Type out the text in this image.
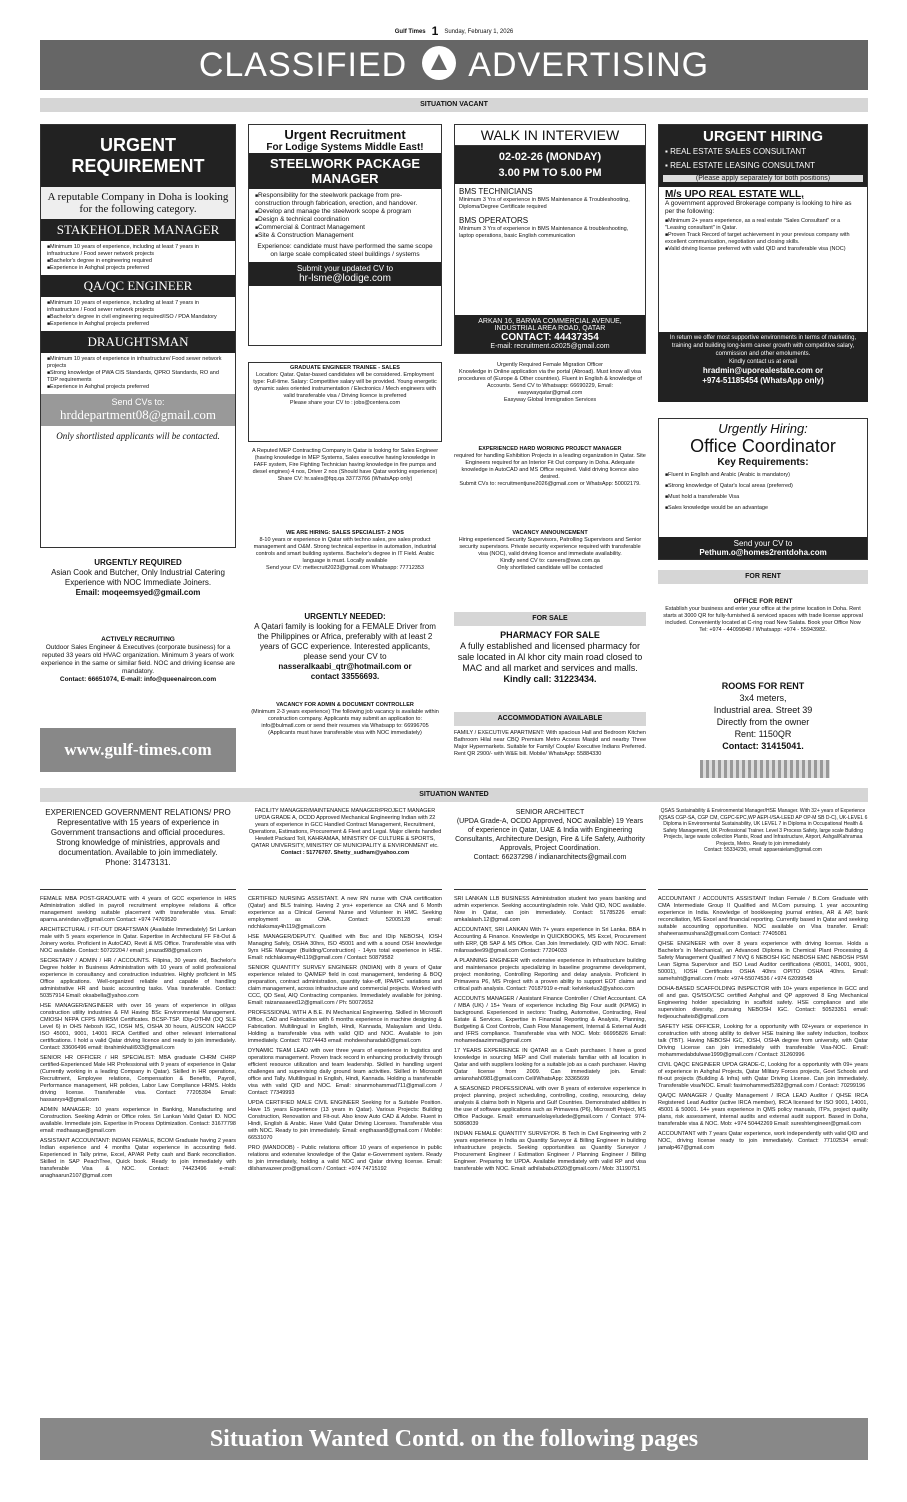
Gulf Times 1 Sunday, February 1, 2026
CLASSIFIED ADVERTISING
SITUATION VACANT
URGENT REQUIREMENT
A reputable Company in Doha is looking for the following category.
STAKEHOLDER MANAGER
■ Minimum 10 years of experience, including at least 7 years in infrastructure / Food sewer network projects
■ Bachelor's degree in engineering required
■ Experience in Ashghal projects preferred
QA/QC ENGINEER
■ Minimum 10 years of experience, including at least 7 years in infrastructure / Food sewer network projects
■ Bachelor's degree in civil engineering required/ISO / PDA Mandatory
■ Experience in Ashghal projects preferred
DRAUGHTSMAN
■ Minimum 10 years of experience in infrastructure/ Food sewer network projects
■ Strong knowledge of PWA CIS Standards, QPRO Standards, RO and TDP requirements
■ Experience in Ashghal projects preferred
Send CVs to:
hrddepartment08@gmail.com
Only shortlisted applicants will be contacted.
URGENTLY REQUIRED
Asian Cook and Butcher, Only Industrial Catering Experience with NOC Immediate Joiners.
Email: moqeemsyed@gmail.com
ACTIVELY RECRUITING
Outdoor Sales Engineer & Executives (corporate business) for a reputed 33 years old HVAC organization. Minimum 3 years of work experience in the same or similar field. NOC and driving license are mandatory.
Contact: 66651074, E-mail: info@queenaircon.com
www.gulf-times.com
Urgent Recruitment
For Lodige Systems Middle East!
STEELWORK PACKAGE MANAGER
■ Responsibility for the steelwork package from pre-construction through fabrication, erection, and handover.
■ Develop and manage the steelwork scope & program
■ Design & technical coordination
■ Commercial & Contract Management
■ Site & Construction Management
Experience: candidate must have performed the same scope on large scale complicated steel buildings / systems
Submit your updated CV to
hr-lsme@lodige.com
GRADUATE ENGINEER TRAINEE - SALES
Location: Qatar. Qatar-based candidates will be considered. Employment type: Full-time. Salary: Competitive salary will be provided. Young energetic dynamic sales oriented instrumentation / Electronics / Mech engineers with valid transferable visa / Driving licence is preferred
Please share your CV to : jobs@centera.com
A Reputed MEP Contracting Company in Qatar is looking for Sales Engineer (having knowledge in MEP Systems, Sales executive having knowledge in FAFF system, Fire Fighting Technician having knowledge in fire pumps and diesel engines) 4 nos, Driver 2 nos (Should have Qatar working experience)
Share CV: hr.sales@fqq.qa 33773766 (WhatsApp only)
WE ARE HIRING: SALES SPECIALIST- 2 NOS
8-10 years or experience in Qatar with techno sales, pre sales product management and O&M. Strong technical expertise in automation, industrial controls and smart building systems. Bachelor's degree in IT Field. Arabic language is must. Locally available
Send your CV: mettecruit2023@gmail.com Whatsapp: 77712353
URGENTLY NEEDED:
A Qatari family is looking for a FEMALE Driver from the Philippines or Africa, preferably with at least 2 years of GCC experience. Interested applicants, please send your CV to
nasseralkaabi_qtr@hotmail.com or
contact 33556693.
VACANCY FOR ADMIN & DOCUMENT CONTROLLER
(Minimum 2-3 years experience) The following job vacancy is available within construction company. Applicants may submit an application to: info@bulmatl.com or send their resumes via Whatsapp to: 66996705 (Applicants must have transferable visa with NOC immediately)
WALK IN INTERVIEW
02-02-26 (MONDAY)
3.00 PM TO 5.00 PM
BMS TECHNICIANS
Minimum 3 Yrs of experience in BMS Maintenance & Troubleshooting, Diploma/Degree Certificate required
BMS OPERATORS
Minimum 3 Yrs of experience in BMS Maintenance & troubleshooting, laptop operations, basic English communication
ARKAN 16, BARWA COMMERCIAL AVENUE, INDUSTRIAL AREA ROAD, QATAR
CONTACT: 44437354
E-mail: recruitment.o2025@gmail.com
Urgently Required Female Migration Officer
Knowledge in Online application via the portal (Abroad). Must know all visa procedures of (Europe & Other countries). Fluent in English & knowledge of Accounts. Send CV to Whatsapp: 66690229, Email: easywayqatar@gmail.com
Easyway Global Immigration Services
EXPERIENCED HARD WORKING PROJECT MANAGER
required for handling Exhibition Projects in a leading organization in Qatar. Site Engineers required for an Interior Fit Out company in Doha. Adequate knowledge in AutoCAD and MS Office required. Valid driving licence also desired.
Submit CVs to: recruitmentjune2026@gmail.com or WhatsApp: 50002179.
VACANCY ANNOUNCEMENT
Hiring experienced Security Supervisors, Patrolling Supervisors and Senior security supervisors. Private security experience required with transferable visa (NOC), valid driving licence and immediate availability.
Kindly send CV to: careers@sws.com.qa
Only shortlisted candidate will be contacted
FOR SALE
PHARMACY FOR SALE
A fully established and licensed pharmacy for sale located in Al khor city main road closed to MAC and all market and services and malls.
Kindly call: 31223434.
ACCOMMODATION AVAILABLE
FAMILY / EXECUTIVE APARTMENT: With spacious Hall and Bedroom Kitchen Bathroom Hilal near CBQ Premium Metro Access Masjid and nearby Three Major Hypermarkets. Suitable for Family/ Couple/ Executive Indians Preferred. Rent QR 2900/- with W&E bill. Mobile/ WhatsApp: 55884330
URGENT HIRING
▪ REAL ESTATE SALES CONSULTANT
▪ REAL ESTATE LEASING CONSULTANT
(Please apply separately for both positions)
M/s UPO REAL ESTATE WLL,
A government approved Brokerage company is looking to hire as per the following:
■ Minimum 2+ years experience, as a real estate "Sales Consultant" or a "Leasing consultant" in Qatar.
■ Proven Track Record of target achievement in your previous company with excellent communication, negotiation and closing skills.
■ Valid driving license preferred with valid QID and transferable visa (NOC)
In return we offer most supportive environments in terms of marketing, training and building long-term career growth with competitive salary, commission and other emoluments.
Kindly contact us at email
hradmin@uporealestate.com or
+974-51185454 (WhatsApp only)
Urgently Hiring:
Office Coordinator
Key Requirements:
■ Fluent in English and Arabic (Arabic is mandatory)
■ Strong knowledge of Qatar's local areas (preferred)
■ Must hold a transferable Visa
■ Sales knowledge would be an advantage
Send your CV to
Pethum.o@homes2rentdoha.com
FOR RENT
OFFICE FOR RENT
Establish your business and enter your office at the prime location in Doha. Rent starts at 3000 QR for fully-furnished & serviced spaces with trade license approval included. Conveniently located at C-ring road New Salata. Book your Office Now
Tel: +974 - 44099848 / Whatsapp: +974 - 55943982.
ROOMS FOR RENT
3x4 meters,
Industrial area. Street 39
Directly from the owner
Rent: 1150QR
Contact: 31415041.
SITUATION WANTED
EXPERIENCED GOVERNMENT RELATIONS/ PRO Representative with 15 years of experience in Government transactions and official procedures. Strong knowledge of ministries, approvals and documentation. Available to join immediately.
Phone: 31473131.
FACILITY MANAGER/MAINTENANCE MANAGER/PROJECT MANAGER UPDA GRADE A, OCDD Approved Mechanical Engineering Indian with 22 years of experience in GCC Handled Contract Management, Recruitment, Operations, Estimations, Procurement & Fleet and Legal. Major clients handled Hewlett Packard Toll, KAHRAMAA, MINISTRY OF CULTURE & SPORTS, QATAR UNIVERSITY, MINISTRY OF MUNICIPALITY & ENVIRONMENT etc.
Contact : 51776707. Shetty_sudham@yahoo.com
SENIOR ARCHITECT
(UPDA Grade-A, OCDD Approved, NOC available) 19 Years of experience in Qatar, UAE & India with Engineering Consultants, Architecture Design, Fire & Life Safety, Authority Approvals, Project Coordination.
Contact: 66237298 / indianarchitects@gmail.com
QSAS Sustainability & Environmental Manager/HSE Manager. With 32+ years of Experience (QSAS CGP-SA, CGP CM, CGPC-EPC,WP AEPI-I/SA-LEED AP OP-M SB D-C), UK-LEVEL 6 Diploma in Environmental Sustainability, UK LEVEL 7 in Diploma in Occupational Health & Safety Management, UK Professional Trainer. Level 3 Process Safety, large scale Building Projects, large waste collection Plants, Road and Infrastructure, Airport, Ashgal/Kahramaa Projects, Metro. Ready to join immediately
Contact: 55334230, email: appaeraielam@gmail.com

FEMALE MBA POST-GRADUATE with 4 years of GCC experience in HRS Administration skilled in payroll recruitment employee relations & office management seeking suitable placement with transferable visa. Email: aparna.arvindan.v@gmail.com Contact: +974 74769520

ARCHITECTURAL / FIT-OUT DRAFTSMAN (Available Immediately) Sri Lankan male with 5 years experience in Qatar. Expertise in Architectural FF Fit-Out & Joinery works. Proficient in AutoCAD, Revit & MS Office. Transferable visa with NOC available. Contact: 50722204 / email: j.mazad98@gmail.com

SECRETARY / ADMIN / HR / ACCOUNTS. Filipina, 30 years old, Bachelor's Degree holder in Business Administration with 10 years of solid professional experience in consultancy and construction industries. Highly proficient in MS Office applications. Well-organized reliable and capable of handling administrative HR and basic accounting tasks. Visa transferable. Contact: 50357914 Email: oksabella@yahoo.com

HSE MANAGER/ENGINEER with over 16 years of experience in oil/gas construction utility industries & FM Having BSc Environmental Management. CMIOSH NFPA CFPS MIIRSM Certificates. BCSP-TSP. IDip-OTHM (DQ SLE Level 6) in OHS Nebosh IGC, IOSH MS, OSHA 30 hours, AUSCON HACCP ISO 45001, 9001, 14001 IRCA Certified and other relevant international certifications. I hold a valid Qatar driving licence and ready to join immediately. Contact: 33606496 email: ibrahimkhalil933@gmail.com

SENIOR HR OFFICER / HR SPECIALIST: MBA graduate CHRM CHRP certified-Experienced Male HR Professional with 9 years of experience in Qatar (Currently working in a leading Company in Qatar). Skilled in HR operations, Recruitment, Employee relations, Compensation & Benefits, Payroll, Performance management, HR policies, Labor Law Compliance HRMS. Holds driving license. Transferable visa. Contact: 77205394 Email: hassanrys4@gmail.com

ADMIN MANAGER: 10 years experience in Banking, Manufacturing and Construction. Seeking Admin or Office roles. Sri Lankan Valid Qatari ID. NOC available. Immediate join. Expertise in Process Optimization. Contact: 31677798 email: msdhaaque@gmail.com

ASSISTANT ACCOUNTANT: INDIAN FEMALE, BCOM Graduate having 2 years Indian experience and 4 months Qatar experience in accounting field. Experienced in Tally prime, Excel, AP/AR Petty cash and Bank reconciliation. Skilled in SAP PeachTree, Quick book. Ready to join immediately with transferable Visa & NOC. Contact: 74423496 e-mail: anaghaarun2107@gmail.com

CERTIFIED NURSING ASSISTANT. A new RN nurse with CNA certification (Qatar) and BLS training. Having 2 yrs+ experience as CNA and 6 Month experience as a Clinical General Nurse and Volunteer in HMC. Seeking employment as CNA. Contact: 52005128 email: ndchlaksmay4h119@gmail.com

HSE MANAGER/DEPUTY. Qualified with Bsc and IDip NEBOSH, IOSH Managing Safely, OSHA 30hrs, ISO 45001 and with a sound OSH knowledge 9yrs HSE Manager (Building/Construction) - 14yrs total experience in HSE. Email: ndchlaksmay4h119@gmail.com / Contact: 50879582

SENIOR QUANTITY SURVEY ENGINEER (INDIAN) with 8 years of Qatar experience related to QA/MEP field in cost management, tendering & BOQ preparation, contract administration, quantity take-off, IPA/IPC variations and claim management, across infrastructure and commercial projects. Worked with CCC, QD Seal, AIQ Contracting companies. Immediately available for joining. Email: raizanasaeed12@gmail.com / Ph: 50072652

PROFESSIONAL WITH A B.E. IN Mechanical Engineering. Skilled in Microsoft Office, CAD and Fabrication with 6 months experience in machine designing & Fabrication. Multilingual in English, Hindi, Kannada, Malayalam and Urdu. Holding a transferable visa with valid QID and NOC. Available to join immediately. Contact: 70274443 email: mohdeesharadab0@gmail.com

DYNAMIC TEAM LEAD with over three years of experience in logistics and operations management. Proven track record in enhancing productivity through efficient resource utilization and team leadership. Skilled in handling urgent challenges and supervising daily ground team activities. Skilled in Microsoft office and Tally. Multilingual in English, Hindi, Kannada. Holding a transferable visa with valid QID and NOC. Email: sinanmohammad711@gmail.com / Contact: 77349993

UPDA CERTIFIED MALE CIVIL ENGINEER Seeking for a Suitable Position. Have 15 years Experience (13 years in Qatar). Various Projects: Building Construction, Renovation and Fit-out. Also know Auto CAD & Adobe. Fluent in Hindi, English & Arabic. Have Valid Qatar Driving Licenses. Transferable visa with NOC. Ready to join immediately. Email: engthasan8@gmail.com / Mobile: 66531070

PRO (MANDOOB) - Public relations officer 10 years of experience in public relations and extensive knowledge of the Qatar e-Government system. Ready to join immediately, holding a valid NOC and Qatar driving license. Email: dilshanvazeer.pro@gmail.com / Contact: +974 74715192

SRI LANKAN LLB BUSINESS Administration student two years banking and admin experience. Seeking accounting/admin role. Valid QID, NOC available. Now in Qatar, can join immediately. Contact: 51785226 email: amkalalash.12@gmail.com

ACCOUNTANT, SRI LANKAN With 7+ years experience in Sri Lanka. BBA in Accounting & Finance. Knowledge in QUICKBOOKS, MS Excel, Procurement with ERP, QB SAP & MS Office. Can Join Immediately. QID with NOC. Email: milansadee99@gmail.com Contact: 77204033

A PLANNING ENGINEER with extensive experience in infrastructure building and maintenance projects specializing in baseline programme development, project monitoring, Controlling Reporting and delay analysis. Proficient in Primavera P6, MS Project with a proven ability to support EOT claims and critical path analysis. Contact: 70187919 e-mail: kelvinkelux2@yahoo.com

ACCOUNTS MANAGER / Assistant Finance Controller / Chief Accountant. CA / MBA (UK) / 15+ Years of experience including Big Four audit (KPMG) in background. Experienced in sectors: Trading, Automotive, Contracting, Real Estate & Services. Expertise in Financial Reporting & Analysis, Planning, Budgeting & Cost Controls, Cash Flow Management, Internal & External Audit and IFRS compliance. Transferable visa with NOC. Mob: 66995826 Email: mohamedaazimma@gmail.com

17 YEARS EXPERIENCE IN QATAR as a Cash purchaser. I have a good knowledge in sourcing MEP and Civil materials familiar with all location in Qatar and with suppliers looking for a suitable job as a cash purchaser. Having Qatar license from 2009. Can immediately join. Email: amianshah0981@gmail.com Cell/WhatsApp: 33365699

A SEASONED PROFESSIONAL with over 8 years of extensive experience in project planning, project scheduling, controlling, costing, resourcing, delay analysis & claims both in Nigeria and Gulf Countries. Demonstrated abilities in the use of software applications such as Primavera (P6), Microsoft Project, MS Office Package. Email: emmanuelolayeludede@gmail.com / Contact: 974-50868039

INDIAN FEMALE QUANTITY SURVEYOR. B Tech in Civil Engineering with 2 years experience in India as Quantity Surveyor & Billing Engineer in building infrastructure projects. Seeking opportunities as Quantity Surveyor / Procurement Engineer / Estimation Engineer / Planning Engineer / Billing Engineer. Preparing for UPDA. Available immediately with valid RP and visa transferable with NOC. Email: adhilababu2020@gmail.com / Mob: 31190751

ACCOUNTANT / ACCOUNTS ASSISTANT Indian Female / B.Com Graduate with CMA Intermediate Group II Qualified and M.Com pursuing. 1 year accounting experience in India. Knowledge of bookkeeping journal entries, AR & AP, bank reconciliation, MS Excel and financial reporting. Currently based in Qatar and seeking suitable accounting opportunities. NOC available on Visa transfer. Email: shaheerasmushara2@gmail.com Contact: 77405081

QHSE ENGINEER with over 8 years experience with driving license. Holds a Bachelor's in Mechanical, an Advanced Diploma in Chemical Plant Processing & Safety Management Qualified 7 NVQ 6 NEBOSH IGC NEBOSH EMC NEBOSH PSM Lean Sigma Supervisor and ISO Lead Auditor certifications (45001, 14001, 9001, 50001), IOSH Certificates OSHA 40hrs OPITO OSHA 40hrs. Email: samehsht@gmail.com / mob: +974-55074536 / +974 62099548

DOHA-BASED SCAFFOLDING INSPECTOR with 10+ years experience in GCC and oil and gas. QS/ISO/CSC certified Ashghal and QP approved 8 Eng Mechanical Engineering holder specializing in scaffold safety. HSE compliance and site supervision diversity, pursuing NEBOSH IGC. Contact: 50523351 email: fedjeouchaiteis8@gmail.com

SAFETY HSE OFFICER, Looking for a opportunity with 02+years or experience in construction with strong ability to deliver HSE training like safety induction, toolbox talk (TBT). Having NEBOSH IGC, IOSH, OSHA degree from university, with Qatar Driving License can join immediately with transferable Visa-NOC. Email: mohammedabdulwae1999@gmail.com / Contact: 31260996

CIVIL QAQC ENGINEER UPDA GRADE-C, Looking for a opportunity with 09+ years of experience in Ashghal Projects, Qatar Military Forces projects, Govt Schools and fit-out projects (Building & Infra) with Qatar Driving License. Can join immediately. Transferable visa/NOC. Email: fasimohammed5282@gmail.com / Contact: 70299196

QA/QC MANAGER / Quality Management / IRCA LEAD Auditor / QHSE IRCA Registered Lead Auditor (active IRCA member), IRCA licensed for ISO 9001, 14001, 45001 & 50001. 14+ years experience in QMS policy manuals, ITPs, project quality plans, risk assessment, internal audits and external audit support. Based in Doha, transferable visa & NOC. Mob: +974 50442269 Email: sureshtengineer@gmail.com

ACCOUNTANT with 7 years Qatar experience, work independently with valid QID and NOC, driving license ready to join immediately. Contact: 77102534 email: jamalp467@gmail.com

Situation Wanted Contd. on the following pages
